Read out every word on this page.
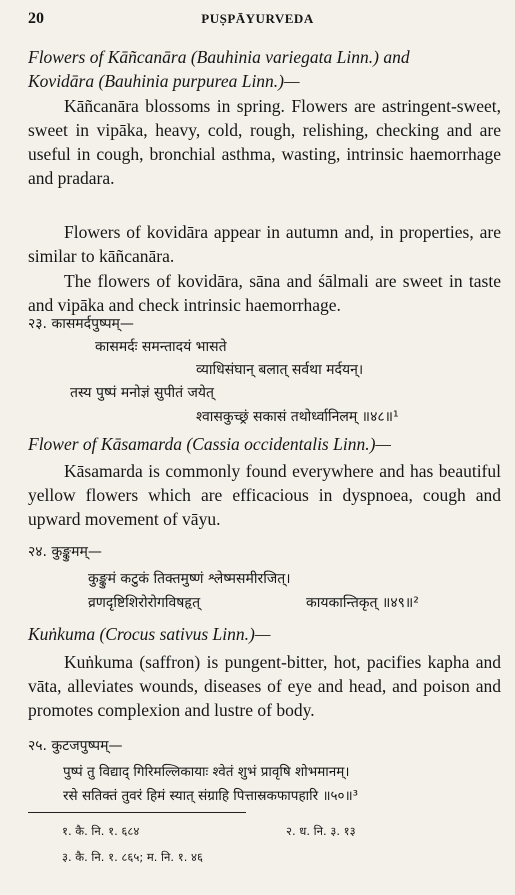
20	PUṢPĀYURVEDA

Flowers of Kāñcanāra (Bauhinia variegata Linn.) and

Kovidāra (Bauhinia purpurea Linn.)—

Kāñcanāra blossoms in spring. Flowers are astringent-sweet, sweet in vipāka, heavy, cold, rough, relishing, checking and are useful in cough, bronchial asthma, wasting, intrinsic haemorrhage and pradara.

Flowers of kovidāra appear in autumn and, in properties, are similar to kāñcanāra.

The flowers of kovidāra, sāna and śālmali are sweet in taste and vipāka and check intrinsic haemorrhage.

२३. कासमर्दपुष्पम्—

कासमर्दः समन्तादयं भासते

व्याधिसंघान् बलात् सर्वथा मर्दयन्।

तस्य पुष्पं मनोज्ञं सुपीतं जयेत्

श्वासकुच्छ्रं सकासं तथोर्ध्वानिलम् ॥४८॥¹

Flower of Kāsamarda (Cassia occidentalis Linn.)—

Kāsamarda is commonly found everywhere and has beautiful yellow flowers which are efficacious in dyspnoea, cough and upward movement of vāyu.

२४. कुङ्कुमम्—

कुङ्कुमं कटुकं तिक्तमुष्णं श्लेष्मसमीरजित्।

व्रणदृष्टिशिरोरोगविषहृत्	कायकान्तिकृत् ॥४९॥²

Kuṅkuma (Crocus sativus Linn.)—

Kuṅkuma (saffron) is pungent-bitter, hot, pacifies kapha and vāta, alleviates wounds, diseases of eye and head, and poison and promotes complexion and lustre of body.

२५. कुटजपुष्पम्—

पुष्पं तु विद्याद् गिरिमल्लिकायाः श्वेतं शुभं प्रावृषि शोभमानम्।

रसे सतिक्तं तुवरं हिमं स्यात् संग्राहि पित्तास्रकफापहारि ॥५०॥³

१. कै. नि. १. ६८४	२. ध. नि. ३. १३
३. कै. नि. १. ८६५; म. नि. १. ४६
